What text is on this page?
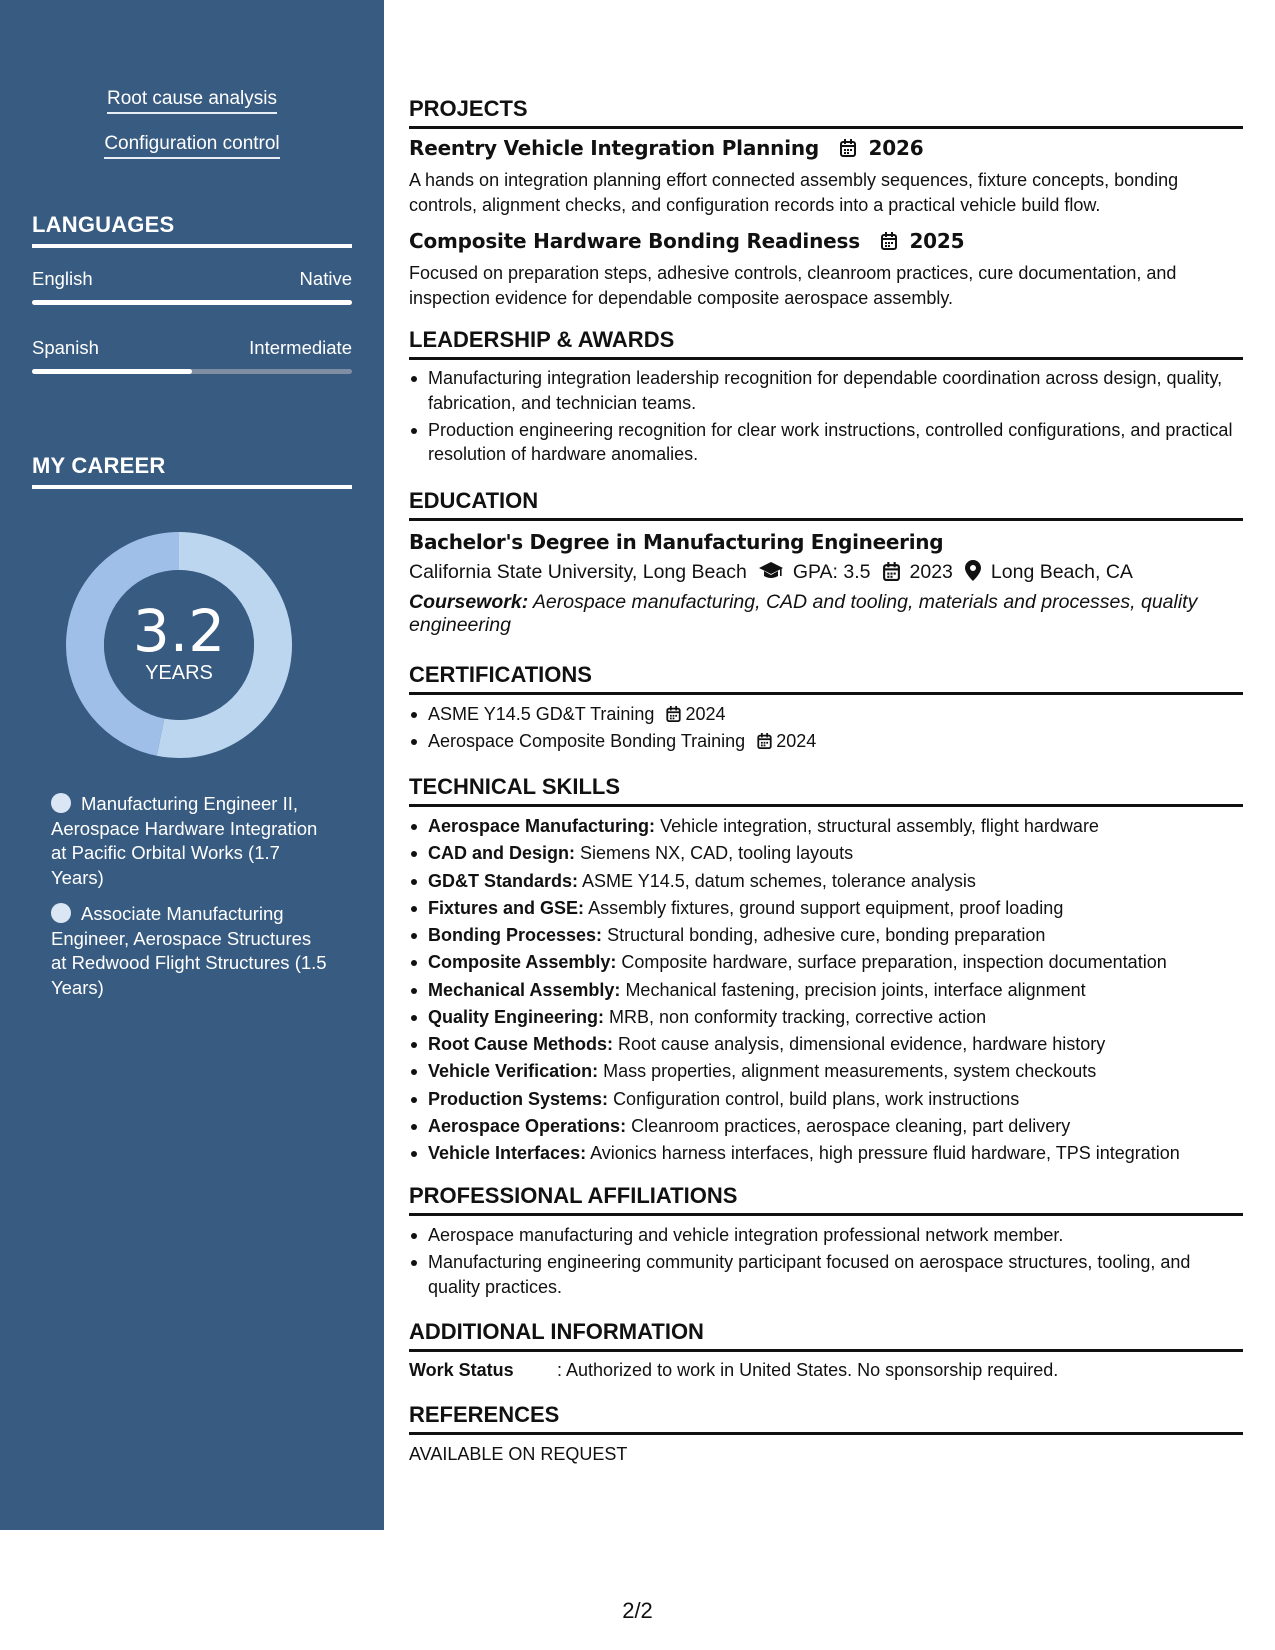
Root cause analysis
Configuration control
LANGUAGES
English	Native
Spanish	Intermediate
MY CAREER
3.2
YEARS
Manufacturing Engineer II, Aerospace Hardware Integration at Pacific Orbital Works (1.7 Years)
Associate Manufacturing Engineer, Aerospace Structures at Redwood Flight Structures (1.5 Years)
PROJECTS
Reentry Vehicle Integration Planning 2026
A hands on integration planning effort connected assembly sequences, fixture concepts, bonding controls, alignment checks, and configuration records into a practical vehicle build flow.
Composite Hardware Bonding Readiness 2025
Focused on preparation steps, adhesive controls, cleanroom practices, cure documentation, and inspection evidence for dependable composite aerospace assembly.
LEADERSHIP & AWARDS
Manufacturing integration leadership recognition for dependable coordination across design, quality, fabrication, and technician teams.
Production engineering recognition for clear work instructions, controlled configurations, and practical resolution of hardware anomalies.
EDUCATION
Bachelor's Degree in Manufacturing Engineering
California State University, Long Beach GPA: 3.5 2023 Long Beach, CA
Coursework: Aerospace manufacturing, CAD and tooling, materials and processes, quality engineering
CERTIFICATIONS
ASME Y14.5 GD&T Training 2024
Aerospace Composite Bonding Training 2024
TECHNICAL SKILLS
Aerospace Manufacturing: Vehicle integration, structural assembly, flight hardware
CAD and Design: Siemens NX, CAD, tooling layouts
GD&T Standards: ASME Y14.5, datum schemes, tolerance analysis
Fixtures and GSE: Assembly fixtures, ground support equipment, proof loading
Bonding Processes: Structural bonding, adhesive cure, bonding preparation
Composite Assembly: Composite hardware, surface preparation, inspection documentation
Mechanical Assembly: Mechanical fastening, precision joints, interface alignment
Quality Engineering: MRB, non conformity tracking, corrective action
Root Cause Methods: Root cause analysis, dimensional evidence, hardware history
Vehicle Verification: Mass properties, alignment measurements, system checkouts
Production Systems: Configuration control, build plans, work instructions
Aerospace Operations: Cleanroom practices, aerospace cleaning, part delivery
Vehicle Interfaces: Avionics harness interfaces, high pressure fluid hardware, TPS integration
PROFESSIONAL AFFILIATIONS
Aerospace manufacturing and vehicle integration professional network member.
Manufacturing engineering community participant focused on aerospace structures, tooling, and quality practices.
ADDITIONAL INFORMATION
Work Status : Authorized to work in United States. No sponsorship required.
REFERENCES
AVAILABLE ON REQUEST
2/2
